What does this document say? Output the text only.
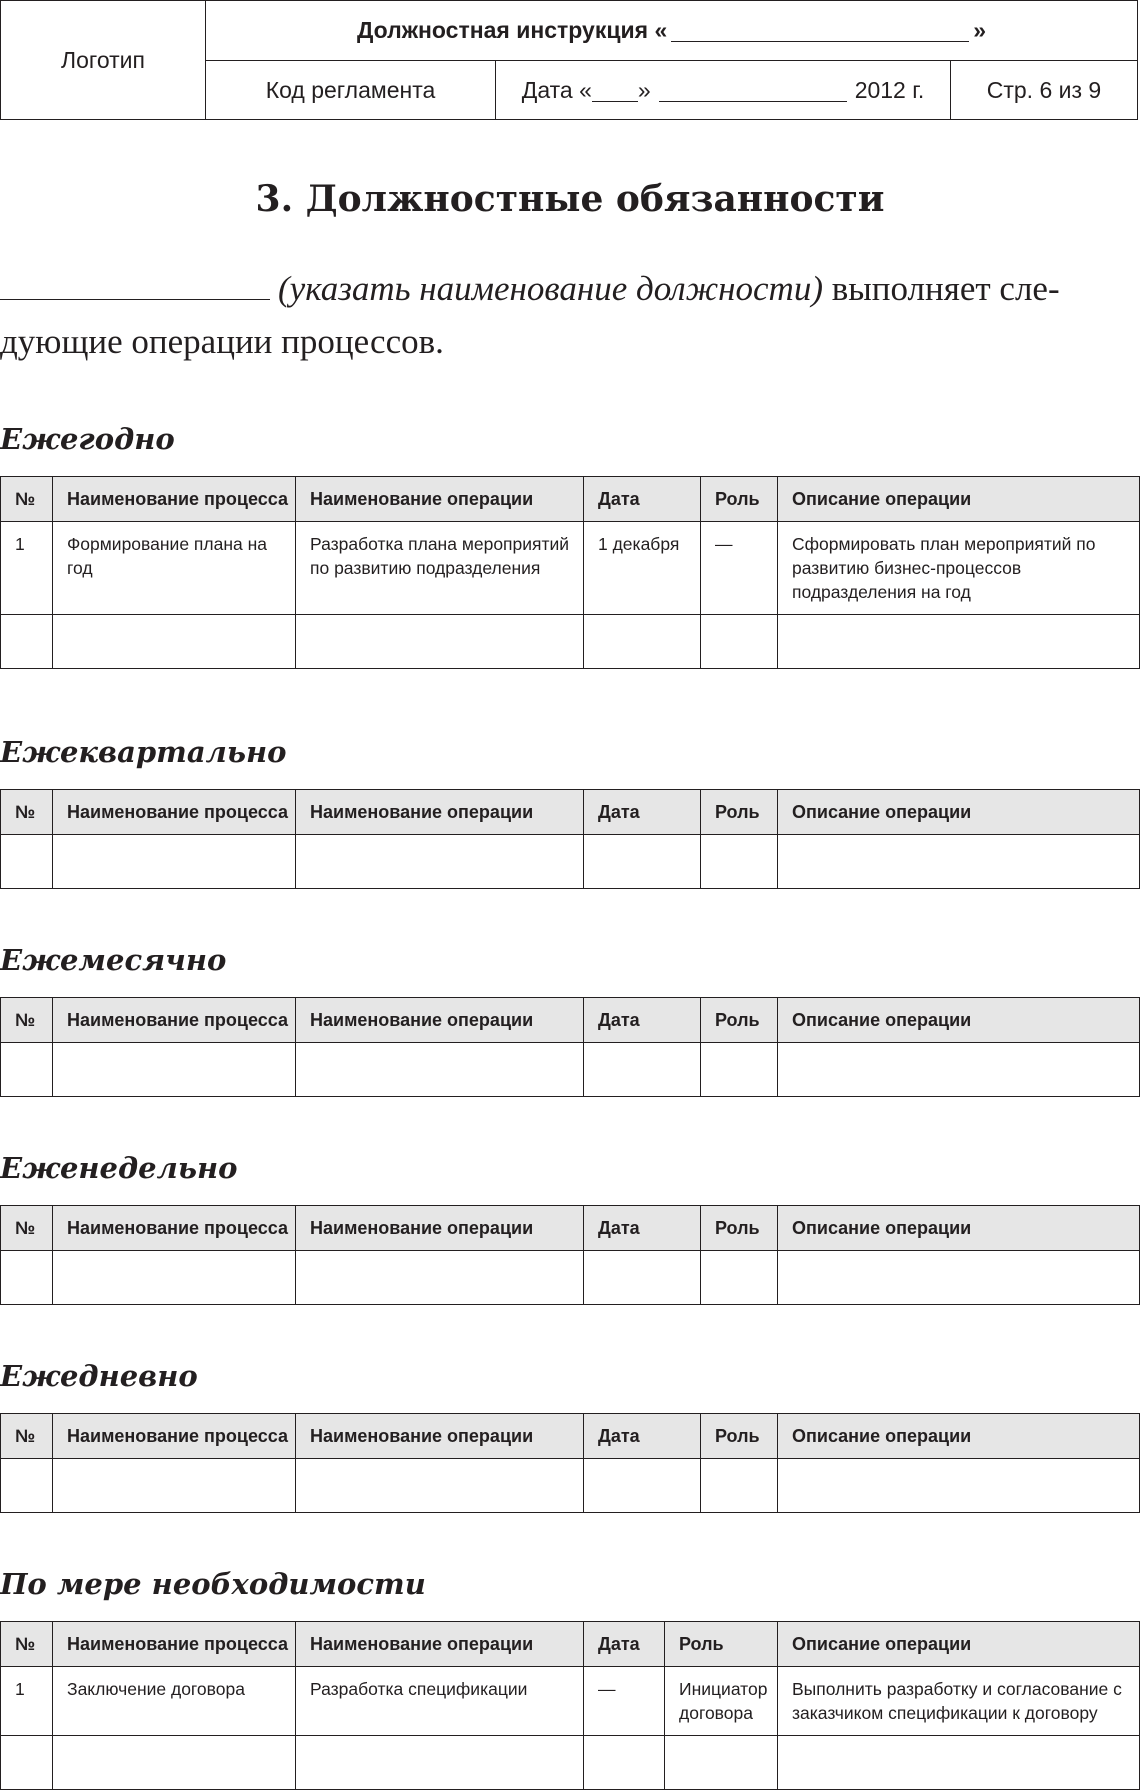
Логотип
Должностная инструкция «	»
Код регламента	Дата « »	2012 г.	Стр. 6 из 9
3. Должностные обязанности
(указать наименование должности) выполняет сле-
дующие операции процессов.
Ежегодно
№	Наименование процесса	Наименование операции	Дата	Роль	Описание операции
1	Формирование плана на год	Разработка плана мероприятий по развитию подразделения	1 декабря	—	Сформировать план мероприятий по развитию бизнес-процессов подразделения на год

Ежеквартально
№	Наименование процесса	Наименование операции	Дата	Роль	Описание операции

Ежемесячно
№	Наименование процесса	Наименование операции	Дата	Роль	Описание операции

Еженедельно
№	Наименование процесса	Наименование операции	Дата	Роль	Описание операции

Ежедневно
№	Наименование процесса	Наименование операции	Дата	Роль	Описание операции

По мере необходимости
№	Наименование процесса	Наименование операции	Дата	Роль	Описание операции
1	Заключение договора	Разработка спецификации	—	Инициатор договора	Выполнить разработку и согласование с заказчиком спецификации к договору
